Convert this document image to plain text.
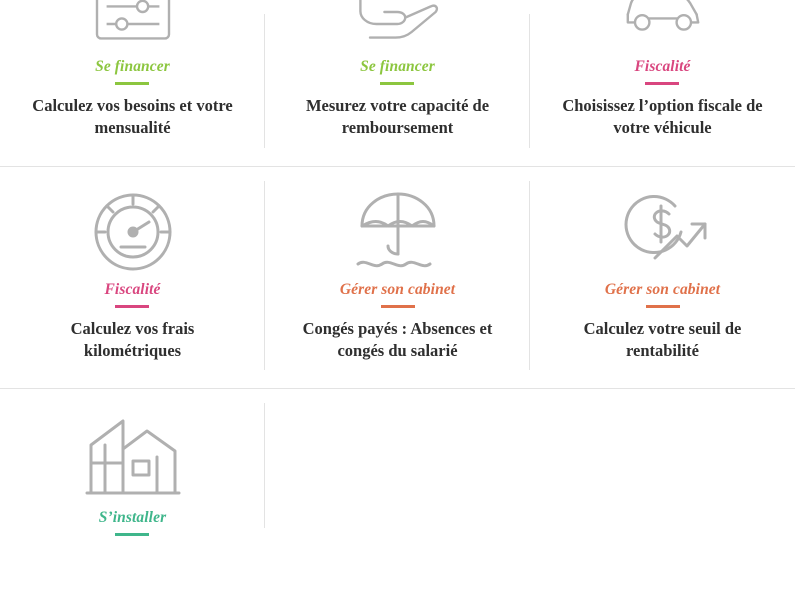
Se financer
Calculez vos besoins et votre mensualité
Se financer
Mesurez votre capacité de remboursement
Fiscalité
Choisissez l’option fiscale de votre véhicule
Fiscalité
Calculez vos frais kilométriques
Gérer son cabinet
Congés payés : Absences et congés du salarié
Gérer son cabinet
Calculez votre seuil de rentabilité
S’installer
